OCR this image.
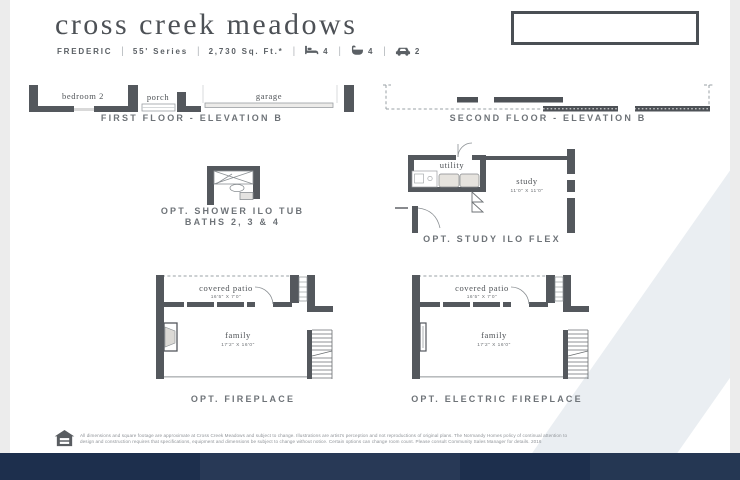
cross creek meadows
FREDERIC | 55' Series | 2,730 Sq. Ft.* |	4 |	4 |	2
bedroom 2	porch	garage
FIRST FLOOR - ELEVATION B	SECOND FLOOR - ELEVATION B
OPT. SHOWER ILO TUB
BATHS 2, 3 & 4
utility
study
11'0" X 11'0"
OPT. STUDY ILO FLEX
covered patio
16'5" X 7'0"
family
17'2" X 16'0"
OPT. FIREPLACE
covered patio
16'5" X 7'0"
family
17'2" X 16'0"
OPT. ELECTRIC FIREPLACE
All dimensions and square footage are approximate at Cross Creek Meadows and subject to change. Illustrations are artist's perception and not reproductions of original plans. The Normandy Homes policy of continual attention to
design and construction requires that specifications, equipment and dimensions be subject to change without notice. Certain options can change room count. Please consult Community Sales Manager for details. 2016
